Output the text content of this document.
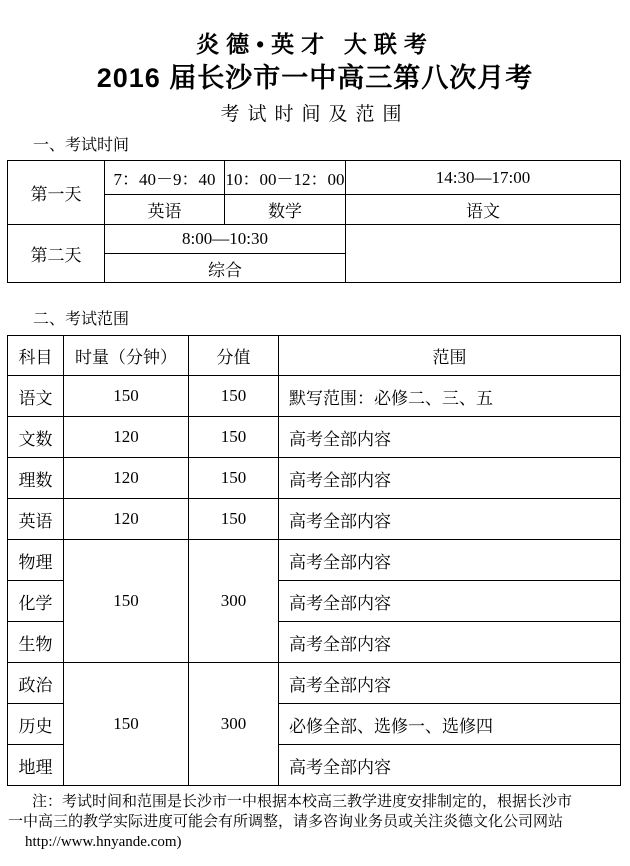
炎德•英才 大联考
2016 届长沙市一中高三第八次月考
考试时间及范围
一、考试时间
第一天	7：40－9：40	10：00－12：00	14:30—17:00
	英语	数学	语文
第二天	8:00—10:30		
	综合		
二、考试范围
科目	时量（分钟）	分值	范围
语文	150	150	默写范围：必修二、三、五
文数	120	150	高考全部内容
理数	120	150	高考全部内容
英语	120	150	高考全部内容
物理	150	300	高考全部内容
化学			高考全部内容
生物			高考全部内容
政治	150	300	高考全部内容
历史			必修全部、选修一、选修四
地理			高考全部内容
注：考试时间和范围是长沙市一中根据本校高三教学进度安排制定的，根据长沙市
一中高三的教学实际进度可能会有所调整，请多咨询业务员或关注炎德文化公司网站
http://www.hnyande.com)
